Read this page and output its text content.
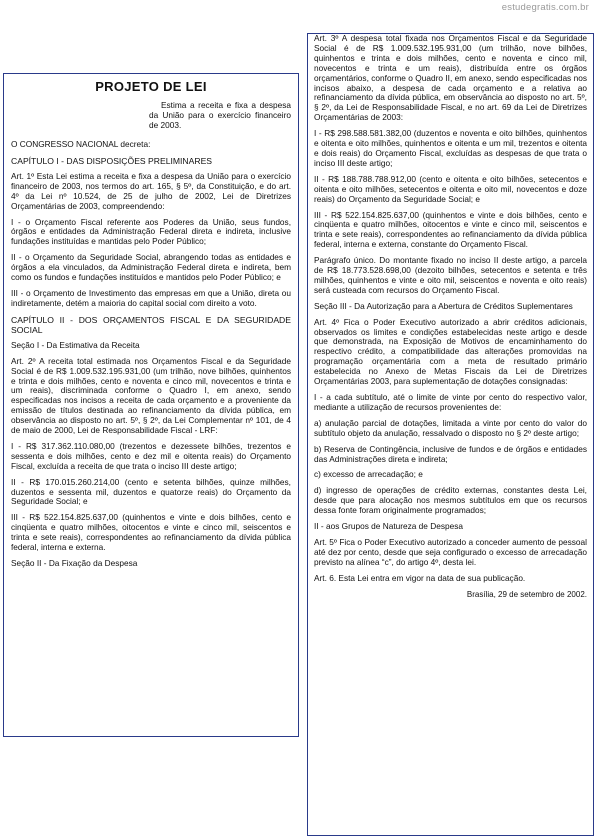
estudegratis.com.br
PROJETO DE LEI
Estima a receita e fixa a despesa da União para o exercício financeiro de 2003.
O CONGRESSO NACIONAL decreta:
CAPÍTULO I - DAS DISPOSIÇÕES PRELIMINARES
Art. 1º Esta Lei estima a receita e fixa a despesa da União para o exercício financeiro de 2003, nos termos do art. 165, § 5º, da Constituição, e do art. 4º da Lei nº 10.524, de 25 de julho de 2002, Lei de Diretrizes Orçamentárias de 2003, compreendendo:
I - o Orçamento Fiscal referente aos Poderes da União, seus fundos, órgãos e entidades da Administração Federal direta e indireta, inclusive fundações instituídas e mantidas pelo Poder Público;
II - o Orçamento da Seguridade Social, abrangendo todas as entidades e órgãos a ela vinculados, da Administração Federal direta e indireta, bem como os fundos e fundações instituídos e mantidos pelo Poder Público; e
III - o Orçamento de Investimento das empresas em que a União, direta ou indiretamente, detém a maioria do capital social com direito a voto.
CAPÍTULO II - DOS ORÇAMENTOS FISCAL E DA SEGURIDADE SOCIAL
Seção I - Da Estimativa da Receita
Art. 2º A receita total estimada nos Orçamentos Fiscal e da Seguridade Social é de R$ 1.009.532.195.931,00 (um trilhão, nove bilhões, quinhentos e trinta e dois milhões, cento e noventa e cinco mil, novecentos e trinta e um reais), discriminada conforme o Quadro I, em anexo, sendo especificadas nos incisos a receita de cada orçamento e a proveniente da emissão de títulos destinada ao refinanciamento da dívida pública, em observância ao disposto no art. 5º, § 2º, da Lei Complementar nº 101, de 4 de maio de 2000, Lei de Responsabilidade Fiscal - LRF:
I - R$ 317.362.110.080,00 (trezentos e dezessete bilhões, trezentos e sessenta e dois milhões, cento e dez mil e oitenta reais) do Orçamento Fiscal, excluída a receita de que trata o inciso III deste artigo;
II - R$ 170.015.260.214,00 (cento e setenta bilhões, quinze milhões, duzentos e sessenta mil, duzentos e quatorze reais) do Orçamento da Seguridade Social; e
III - R$ 522.154.825.637,00 (quinhentos e vinte e dois bilhões, cento e cinqüenta e quatro milhões, oitocentos e vinte e cinco mil, seiscentos e trinta e sete reais), correspondentes ao refinanciamento da dívida pública federal, interna e externa.
Seção II - Da Fixação da Despesa
Art. 3º A despesa total fixada nos Orçamentos Fiscal e da Seguridade Social é de R$ 1.009.532.195.931,00 (um trilhão, nove bilhões, quinhentos e trinta e dois milhões, cento e noventa e cinco mil, novecentos e trinta e um reais), distribuída entre os órgãos orçamentários, conforme o Quadro II, em anexo, sendo especificadas nos incisos abaixo, a despesa de cada orçamento e a relativa ao refinanciamento da dívida pública, em observância ao disposto no art. 5º, § 2º, da Lei de Responsabilidade Fiscal, e no art. 69 da Lei de Diretrizes Orçamentárias de 2003:
I - R$ 298.588.581.382,00 (duzentos e noventa e oito bilhões, quinhentos e oitenta e oito milhões, quinhentos e oitenta e um mil, trezentos e oitenta e dois reais) do Orçamento Fiscal, excluídas as despesas de que trata o inciso III deste artigo;
II - R$ 188.788.788.912,00 (cento e oitenta e oito bilhões, setecentos e oitenta e oito milhões, setecentos e oitenta e oito mil, novecentos e doze reais) do Orçamento da Seguridade Social; e
III - R$ 522.154.825.637,00 (quinhentos e vinte e dois bilhões, cento e cinqüenta e quatro milhões, oitocentos e vinte e cinco mil, seiscentos e trinta e sete reais), correspondentes ao refinanciamento da dívida pública federal, interna e externa, constante do Orçamento Fiscal.
Parágrafo único. Do montante fixado no inciso II deste artigo, a parcela de R$ 18.773.528.698,00 (dezoito bilhões, setecentos e setenta e três milhões, quinhentos e vinte e oito mil, seiscentos e noventa e oito reais) será custeada com recursos do Orçamento Fiscal.
Seção III - Da Autorização para a Abertura de Créditos Suplementares
Art. 4º Fica o Poder Executivo autorizado a abrir créditos adicionais, observados os limites e condições estabelecidas neste artigo e desde que demonstrada, na Exposição de Motivos de encaminhamento do respectivo crédito, a compatibilidade das alterações promovidas na programação orçamentária com a meta de resultado primário estabelecida no Anexo de Metas Fiscais da Lei de Diretrizes Orçamentárias 2003, para suplementação de dotações consignadas:
I - a cada subtítulo, até o limite de vinte por cento do respectivo valor, mediante a utilização de recursos provenientes de:
a) anulação parcial de dotações, limitada a vinte por cento do valor do subtítulo objeto da anulação, ressalvado o disposto no § 2º deste artigo;
b) Reserva de Contingência, inclusive de fundos e de órgãos e entidades das Administrações direta e indireta;
c) excesso de arrecadação; e
d) ingresso de operações de crédito externas, constantes desta Lei, desde que para alocação nos mesmos subtítulos em que os recursos dessa fonte foram originalmente programados;
II - aos Grupos de Natureza de Despesa
Art. 5º Fica o Poder Executivo autorizado a conceder aumento de pessoal até dez por cento, desde que seja configurado o excesso de arrecadação previsto na alínea “c”, do artigo 4º, desta lei.
Art. 6. Esta Lei entra em vigor na data de sua publicação.
Brasília, 29 de setembro de 2002.
